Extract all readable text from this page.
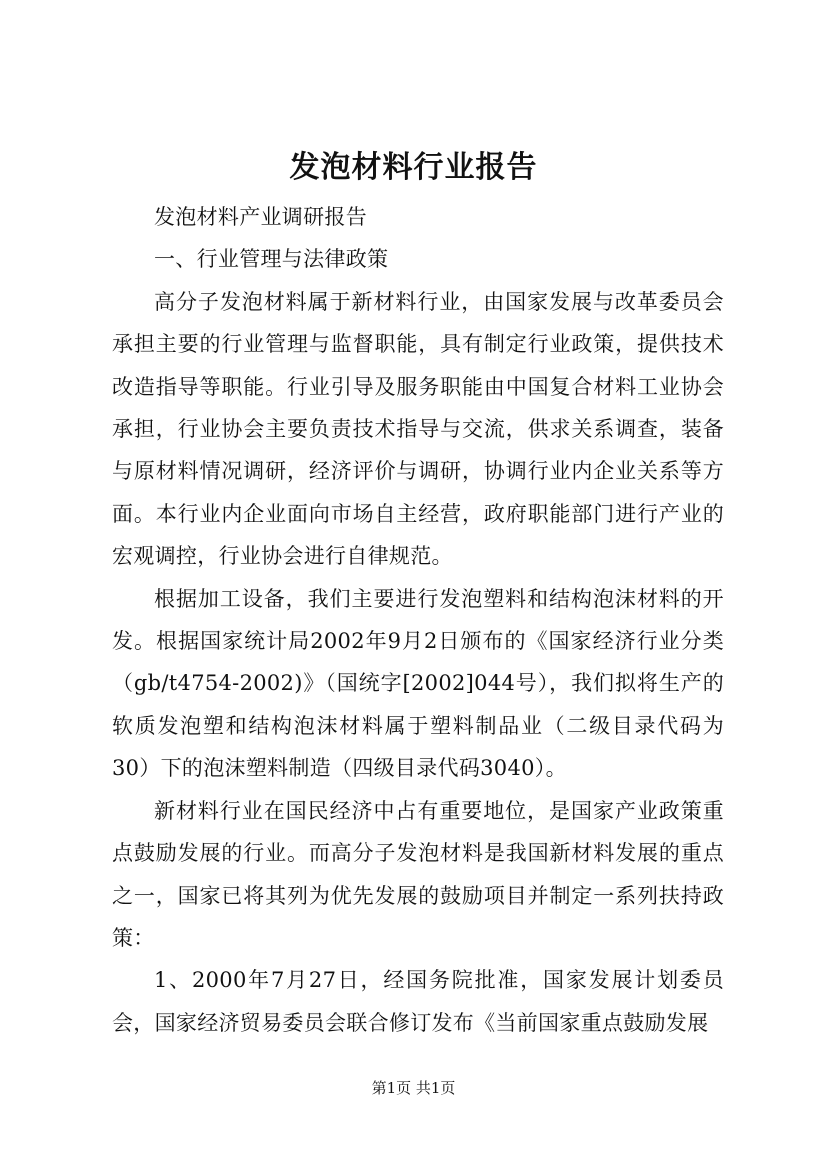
发泡材料行业报告

发泡材料产业调研报告

一、行业管理与法律政策

高分子发泡材料属于新材料行业，由国家发展与改革委员会承担主要的行业管理与监督职能，具有制定行业政策，提供技术改造指导等职能。行业引导及服务职能由中国复合材料工业协会承担，行业协会主要负责技术指导与交流，供求关系调查，装备与原材料情况调研，经济评价与调研，协调行业内企业关系等方面。本行业内企业面向市场自主经营，政府职能部门进行产业的宏观调控，行业协会进行自律规范。

根据加工设备，我们主要进行发泡塑料和结构泡沫材料的开发。根据国家统计局2002年9月2日颁布的《国家经济行业分类（gb/t4754-2002)》（国统字[2002]044号），我们拟将生产的软质发泡塑和结构泡沫材料属于塑料制品业（二级目录代码为30）下的泡沫塑料制造（四级目录代码3040）。

新材料行业在国民经济中占有重要地位，是国家产业政策重点鼓励发展的行业。而高分子发泡材料是我国新材料发展的重点之一，国家已将其列为优先发展的鼓励项目并制定一系列扶持政策：

1、2000年7月27日，经国务院批准，国家发展计划委员会，国家经济贸易委员会联合修订发布《当前国家重点鼓励发展

第1页 共1页
